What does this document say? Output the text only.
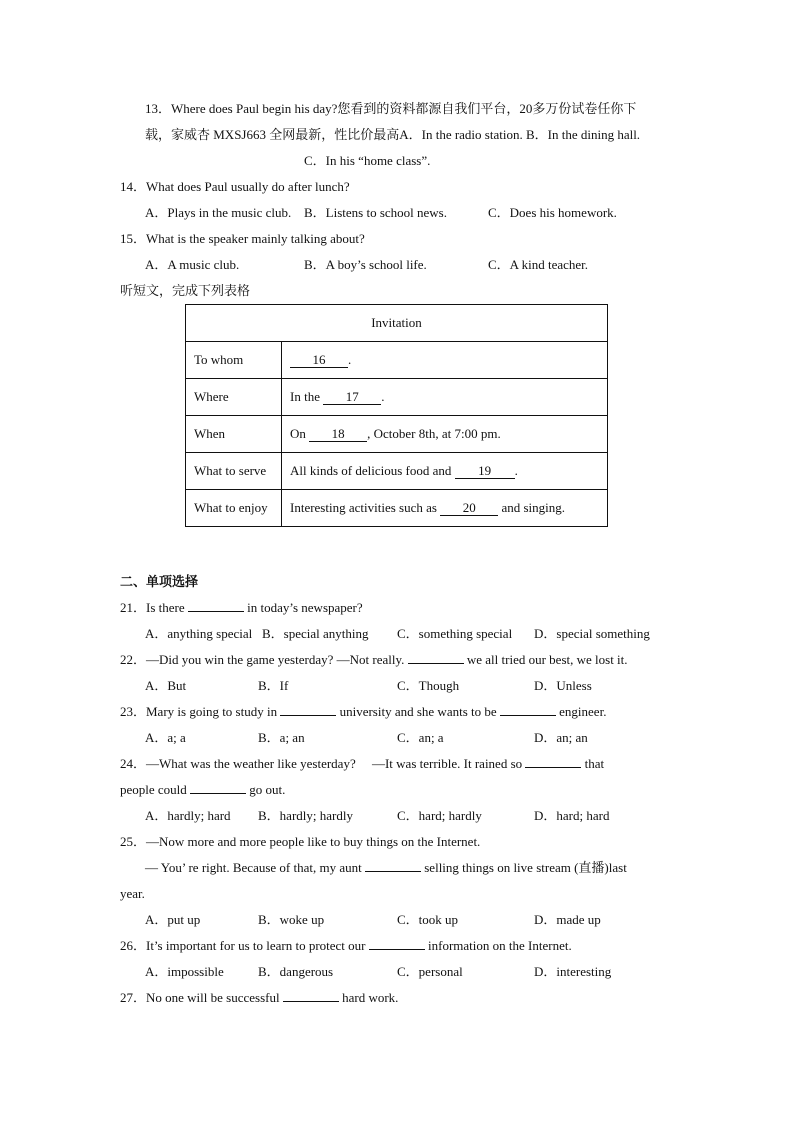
13．Where does Paul begin his day?您看到的资料都源自我们平台，20多万份试卷任你下
载，家威杏 MXSJ663 全网最新，性比价最高A．In the radio station. B．In the dining hall.
C．In his “home class”.
14．What does Paul usually do after lunch?
A．Plays in the music club. B．Listens to school news.	C．Does his homework.
15．What is the speaker mainly talking about?
A．A music club.	B．A boy’s school life.	C．A kind teacher.
听短文，完成下列表格
Invitation	
To whom	16 .
Where	In the 17 .
When	On 18 , October 8th, at 7:00 pm.
What to serve	All kinds of delicious food and 19 .
What to enjoy	Interesting activities such as 20 and singing.
二、单项选择
21．Is there	in today’s newspaper?
A．anything special B．special anything C．something special D．special something
22．—Did you win the game yesterday? —Not really.	we all tried our best, we lost it.
A．But	B．If	C．Though	D．Unless
23．Mary is going to study in	university and she wants to be	engineer.
A．a; a	B．a; an	C．an; a	D．an; an
24．—What was the weather like yesterday?     —It was terrible. It rained so	that
people could	go out.
A．hardly; hard B．hardly; hardly	C．hard; hardly	D．hard; hard
25．—Now more and more people like to buy things on the Internet.
— You’ re right. Because of that, my aunt	selling things on live stream (直播)last
year.
A．put up	B．woke up	C．took up	D．made up
26．It’s important for us to learn to protect our	information on the Internet.
A．impossible	B．dangerous	C．personal	D．interesting
27．No one will be successful	hard work.
